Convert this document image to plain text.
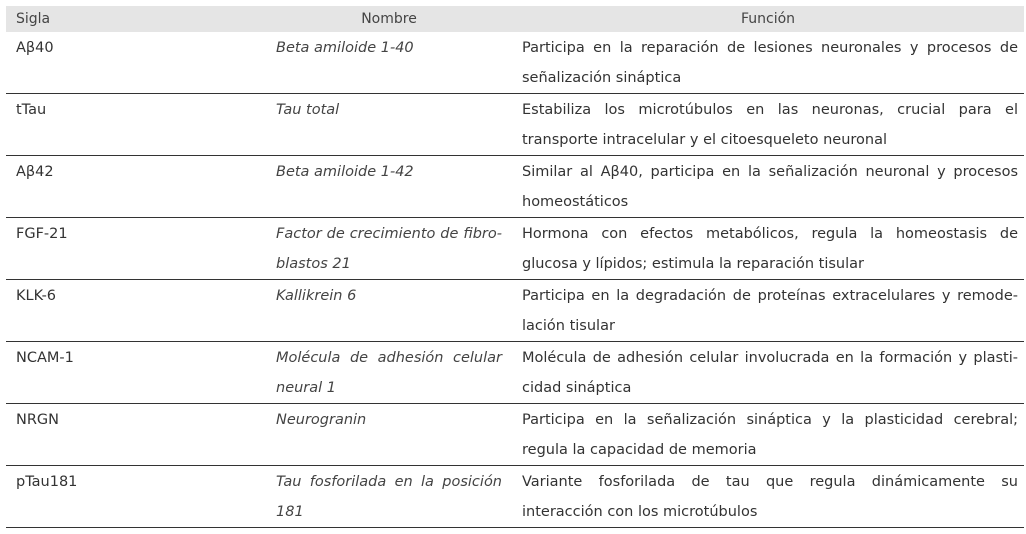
Sigla	Nombre	Función
Aβ40	Beta amiloide 1-40	Participa en la reparación de lesiones neuronales y procesos de señalización sináptica
tTau	Tau total	Estabiliza los microtúbulos en las neuronas, crucial para el transporte intracelular y el citoesqueleto neuronal
Aβ42	Beta amiloide 1-42	Similar al Aβ40, participa en la señalización neuronal y procesos homeostáticos
FGF-21	Factor de crecimiento de fibro-blastos 21	Hormona con efectos metabólicos, regula la homeostasis de glucosa y lípidos; estimula la reparación tisular
KLK-6	Kallikrein 6	Participa en la degradación de proteínas extracelulares y remode-lación tisular
NCAM-1	Molécula de adhesión celular neural 1	Molécula de adhesión celular involucrada en la formación y plasti-cidad sináptica
NRGN	Neurogranin	Participa en la señalización sináptica y la plasticidad cerebral; regula la capacidad de memoria
pTau181	Tau fosforilada en la posición 181	Variante fosforilada de tau que regula dinámicamente su interacción con los microtúbulos
